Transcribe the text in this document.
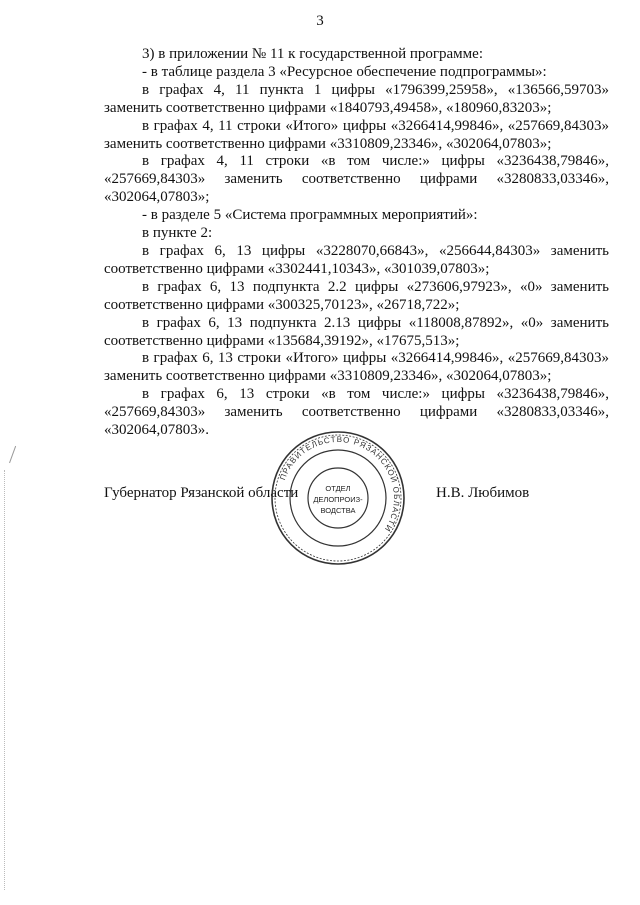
3

3) в приложении № 11 к государственной программе:

- в таблице раздела 3 «Ресурсное обеспечение подпрограммы»:

в графах 4, 11 пункта 1 цифры «1796399,25958», «136566,59703» заменить соответственно цифрами «1840793,49458», «180960,83203»;

в графах 4, 11 строки «Итого» цифры «3266414,99846», «257669,84303» заменить соответственно цифрами «3310809,23346», «302064,07803»;

в графах 4, 11 строки «в том числе:» цифры «3236438,79846», «257669,84303» заменить соответственно цифрами «3280833,03346», «302064,07803»;

- в разделе 5 «Система программных мероприятий»:

в пункте 2:

в графах 6, 13 цифры «3228070,66843», «256644,84303» заменить соответственно цифрами «3302441,10343», «301039,07803»;

в графах 6, 13 подпункта 2.2 цифры «273606,97923», «0» заменить соответственно цифрами «300325,70123», «26718,722»;

в графах 6, 13 подпункта 2.13 цифры «118008,87892», «0» заменить соответственно цифрами «135684,39192», «17675,513»;

в графах 6, 13 строки «Итого» цифры «3266414,99846», «257669,84303» заменить соответственно цифрами «3310809,23346», «302064,07803»;

в графах 6, 13 строки «в том числе:» цифры «3236438,79846», «257669,84303» заменить соответственно цифрами «3280833,03346», «302064,07803».

Губернатор Рязанской области	Н.В. Любимов
ПРАВИТЕЛЬСТВО РЯЗАНСКОЙ ОБЛАСТИ
ОТДЕЛ
ДЕЛОПРОИЗ-
ВОДСТВА
